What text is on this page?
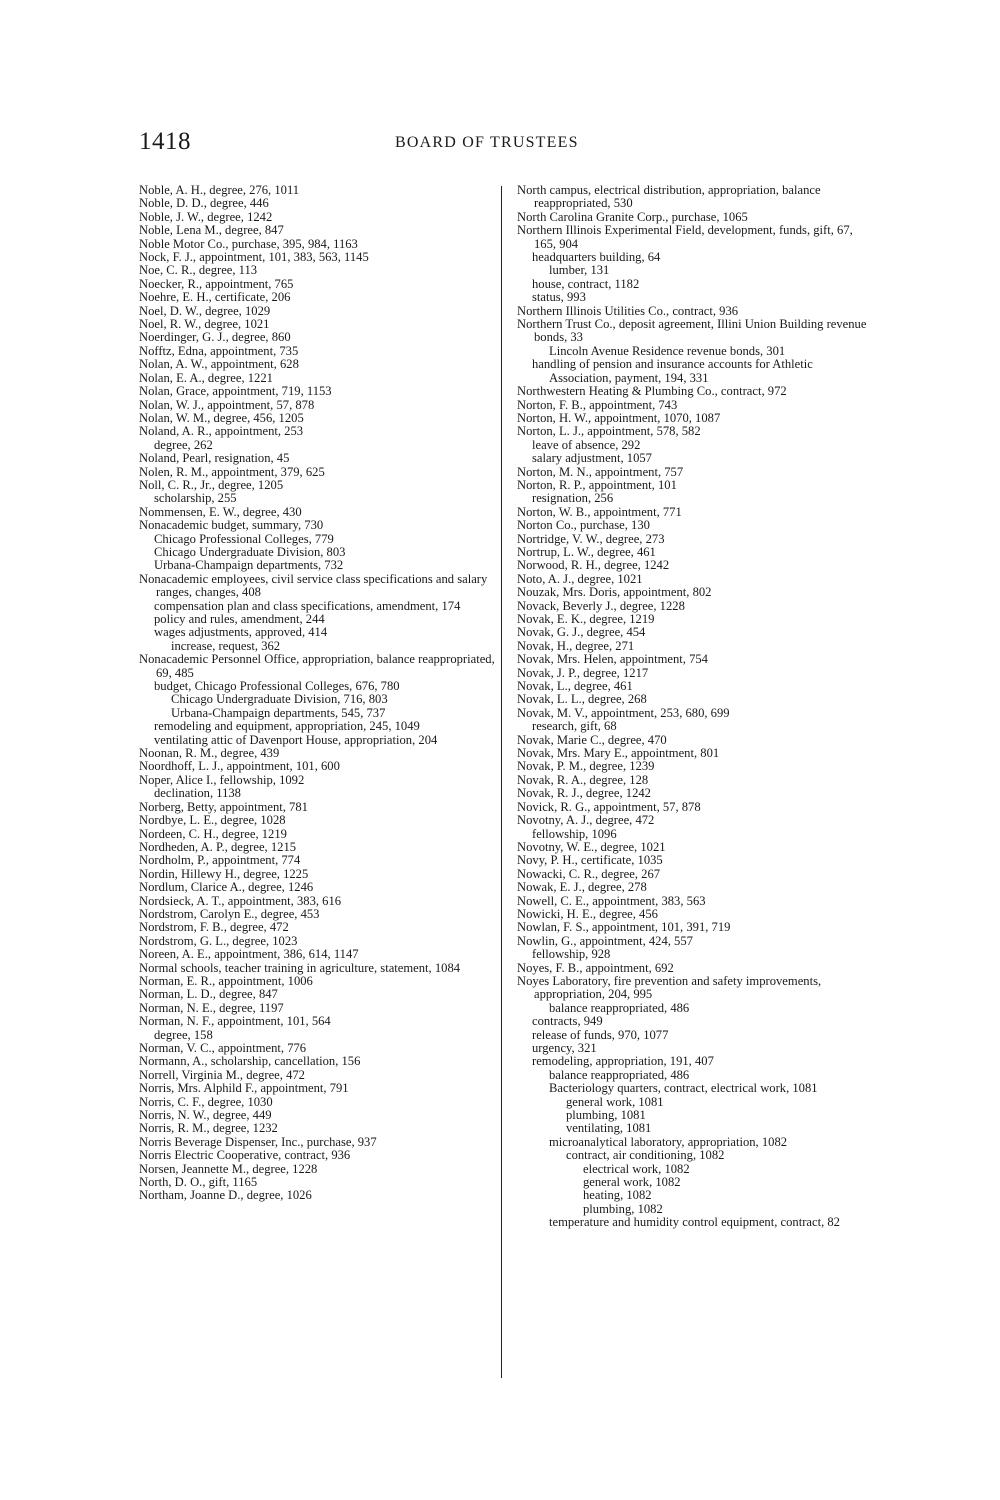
1418	BOARD OF TRUSTEES
Noble, A. H., degree, 276, 1011
Noble, D. D., degree, 446
Noble, J. W., degree, 1242
Noble, Lena M., degree, 847
Noble Motor Co., purchase, 395, 984, 1163
Nock, F. J., appointment, 101, 383, 563, 1145
Noe, C. R., degree, 113
Noecker, R., appointment, 765
Noehre, E. H., certificate, 206
Noel, D. W., degree, 1029
Noel, R. W., degree, 1021
Noerdinger, G. J., degree, 860
Nofftz, Edna, appointment, 735
Nolan, A. W., appointment, 628
Nolan, E. A., degree, 1221
Nolan, Grace, appointment, 719, 1153
Nolan, W. J., appointment, 57, 878
Nolan, W. M., degree, 456, 1205
Noland, A. R., appointment, 253
degree, 262
Noland, Pearl, resignation, 45
Nolen, R. M., appointment, 379, 625
Noll, C. R., Jr., degree, 1205
scholarship, 255
Nommensen, E. W., degree, 430
Nonacademic budget, summary, 730
Chicago Professional Colleges, 779
Chicago Undergraduate Division, 803
Urbana-Champaign departments, 732
Nonacademic employees, civil service class specifications and salary ranges, changes, 408
compensation plan and class specifications, amendment, 174
policy and rules, amendment, 244
wages adjustments, approved, 414
increase, request, 362
Nonacademic Personnel Office, appropriation, balance reappropriated, 69, 485
budget, Chicago Professional Colleges, 676, 780
Chicago Undergraduate Division, 716, 803
Urbana-Champaign departments, 545, 737
remodeling and equipment, appropriation, 245, 1049
ventilating attic of Davenport House, appropriation, 204
Noonan, R. M., degree, 439
Noordhoff, L. J., appointment, 101, 600
Noper, Alice I., fellowship, 1092
declination, 1138
Norberg, Betty, appointment, 781
Nordbye, L. E., degree, 1028
Nordeen, C. H., degree, 1219
Nordheden, A. P., degree, 1215
Nordholm, P., appointment, 774
Nordin, Hillewy H., degree, 1225
Nordlum, Clarice A., degree, 1246
Nordsieck, A. T., appointment, 383, 616
Nordstrom, Carolyn E., degree, 453
Nordstrom, F. B., degree, 472
Nordstrom, G. L., degree, 1023
Noreen, A. E., appointment, 386, 614, 1147
Normal schools, teacher training in agriculture, statement, 1084
Norman, E. R., appointment, 1006
Norman, L. D., degree, 847
Norman, N. E., degree, 1197
Norman, N. F., appointment, 101, 564
degree, 158
Norman, V. C., appointment, 776
Normann, A., scholarship, cancellation, 156
Norrell, Virginia M., degree, 472
Norris, Mrs. Alphild F., appointment, 791
Norris, C. F., degree, 1030
Norris, N. W., degree, 449
Norris, R. M., degree, 1232
Norris Beverage Dispenser, Inc., purchase, 937
Norris Electric Cooperative, contract, 936
Norsen, Jeannette M., degree, 1228
North, D. O., gift, 1165
Northam, Joanne D., degree, 1026
North campus, electrical distribution, appropriation, balance reappropriated, 530
North Carolina Granite Corp., purchase, 1065
Northern Illinois Experimental Field, development, funds, gift, 67, 165, 904
headquarters building, 64
lumber, 131
house, contract, 1182
status, 993
Northern Illinois Utilities Co., contract, 936
Northern Trust Co., deposit agreement, Illini Union Building revenue bonds, 33
Lincoln Avenue Residence revenue bonds, 301
handling of pension and insurance accounts for Athletic Association, payment, 194, 331
Northwestern Heating & Plumbing Co., contract, 972
Norton, F. B., appointment, 743
Norton, H. W., appointment, 1070, 1087
Norton, L. J., appointment, 578, 582
leave of absence, 292
salary adjustment, 1057
Norton, M. N., appointment, 757
Norton, R. P., appointment, 101
resignation, 256
Norton, W. B., appointment, 771
Norton Co., purchase, 130
Nortridge, V. W., degree, 273
Nortrup, L. W., degree, 461
Norwood, R. H., degree, 1242
Noto, A. J., degree, 1021
Nouzak, Mrs. Doris, appointment, 802
Novack, Beverly J., degree, 1228
Novak, E. K., degree, 1219
Novak, G. J., degree, 454
Novak, H., degree, 271
Novak, Mrs. Helen, appointment, 754
Novak, J. P., degree, 1217
Novak, L., degree, 461
Novak, L. L., degree, 268
Novak, M. V., appointment, 253, 680, 699
research, gift, 68
Novak, Marie C., degree, 470
Novak, Mrs. Mary E., appointment, 801
Novak, P. M., degree, 1239
Novak, R. A., degree, 128
Novak, R. J., degree, 1242
Novick, R. G., appointment, 57, 878
Novotny, A. J., degree, 472
fellowship, 1096
Novotny, W. E., degree, 1021
Novy, P. H., certificate, 1035
Nowacki, C. R., degree, 267
Nowak, E. J., degree, 278
Nowell, C. E., appointment, 383, 563
Nowicki, H. E., degree, 456
Nowlan, F. S., appointment, 101, 391, 719
Nowlin, G., appointment, 424, 557
fellowship, 928
Noyes, F. B., appointment, 692
Noyes Laboratory, fire prevention and safety improvements, appropriation, 204, 995
balance reappropriated, 486
contracts, 949
release of funds, 970, 1077
urgency, 321
remodeling, appropriation, 191, 407
balance reappropriated, 486
Bacteriology quarters, contract, electrical work, 1081
general work, 1081
plumbing, 1081
ventilating, 1081
microanalytical laboratory, appropriation, 1082
contract, air conditioning, 1082
electrical work, 1082
general work, 1082
heating, 1082
plumbing, 1082
temperature and humidity control equipment, contract, 82
